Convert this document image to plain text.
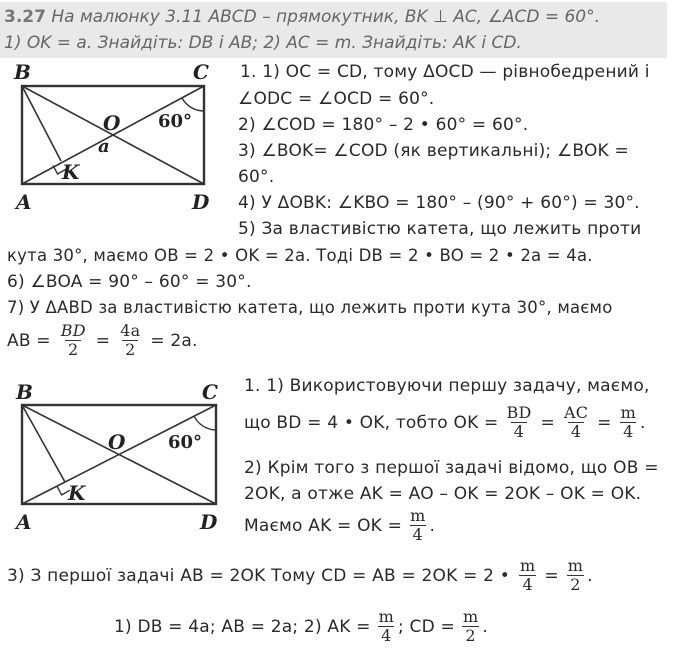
3.27 На малюнку 3.11 ABCD – прямокутник, BK ⊥ AC, ∠ACD = 60°.
1) OK = a. Знайдіть: DB і AB; 2) AC = m. Знайдіть: AK і CD.
B	C
A	D
O
K
a
60°
1. 1) OC = CD, тому ΔOCD — рівнобедрений і
∠ODC = ∠OCD = 60°.
2) ∠COD = 180° – 2 • 60° = 60°.
3) ∠BOK= ∠COD (як вертикальні); ∠BOK =
60°.
4) У ΔOBK: ∠KBO = 180° – (90° + 60°) = 30°.
5) За властивістю катета, що лежить проти
кута 30°, маємо OB = 2 • OK = 2a. Тоді DB = 2 • BO = 2 • 2a = 4a.
6) ∠BOA = 90° – 60° = 30°.
7) У ΔABD за властивістю катета, що лежить проти кута 30°, маємо
AB = $\frac{BD}{2} = \frac{4a}{2} = 2a$.
B	C
A	D
O
K
60°
1. 1) Використовуючи першу задачу, маємо,
що BD = 4 • OK, тобто OK = $\frac{BD}{4} = \frac{AC}{4} = \frac{m}{4}$ .
2) Крім того з першої задачі відомо, що OB =
2OK, а отже AK = AO – OK = 2OK – OK = OK.
Маємо AK = OK = $\frac{m}{4}$ .
3) З першої задачі AB = 2OK Тому CD = AB = 2OK = 2 • $\frac{m}{4} = \frac{m}{2}$ .
1) DB = 4a; AB = 2a; 2) AK = $\frac{m}{4}$ ; CD = $\frac{m}{2}$ .
